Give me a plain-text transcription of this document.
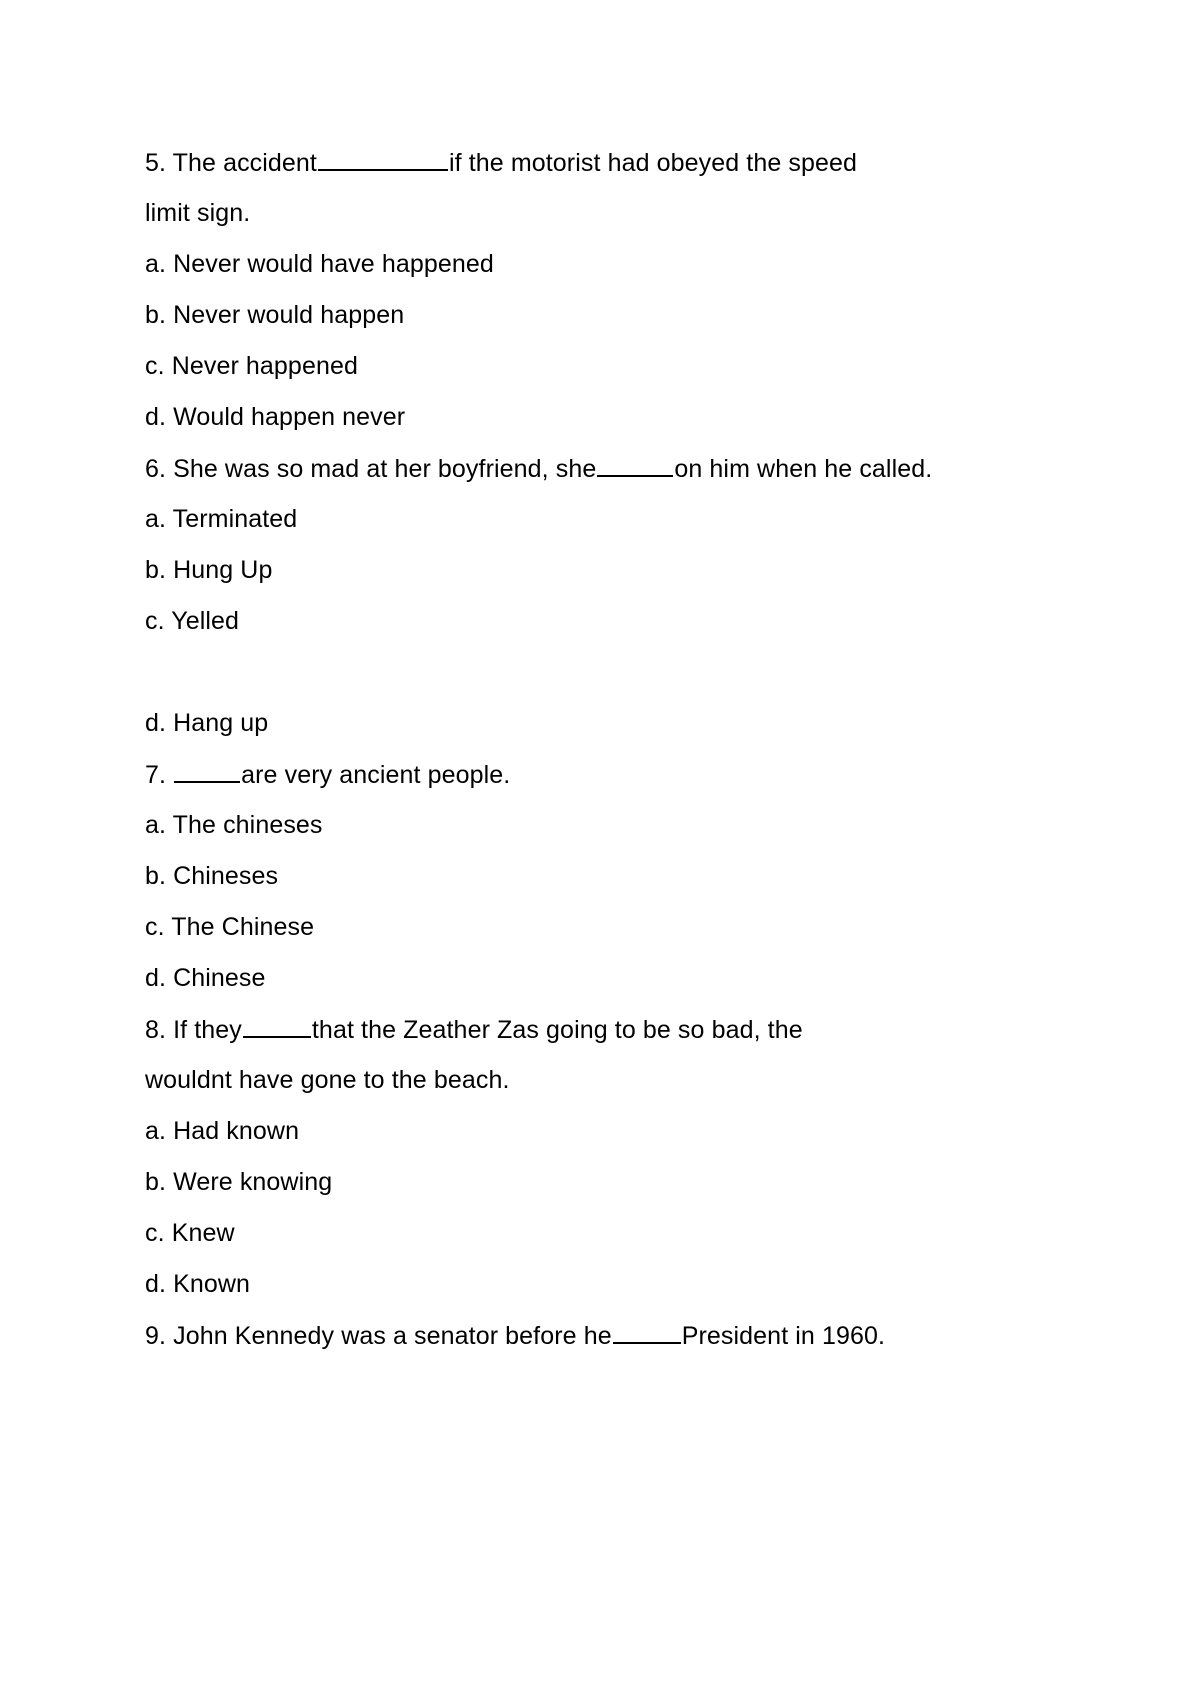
5. The accident	if the motorist had obeyed the speed
limit sign.
a. Never would have happened
b. Never would happen
c. Never happened
d. Would happen never
6. She was so mad at her boyfriend, she	on him when he called.
a. Terminated
b. Hung Up
c. Yelled
d. Hang up
7.	are very ancient people.
a. The chineses
b. Chineses
c. The Chinese
d. Chinese
8. If they	that the Zeather Zas going to be so bad, the
wouldnt have gone to the beach.
a. Had known
b. Were knowing
c. Knew
d. Known
9. John Kennedy was a senator before he	President in 1960.
